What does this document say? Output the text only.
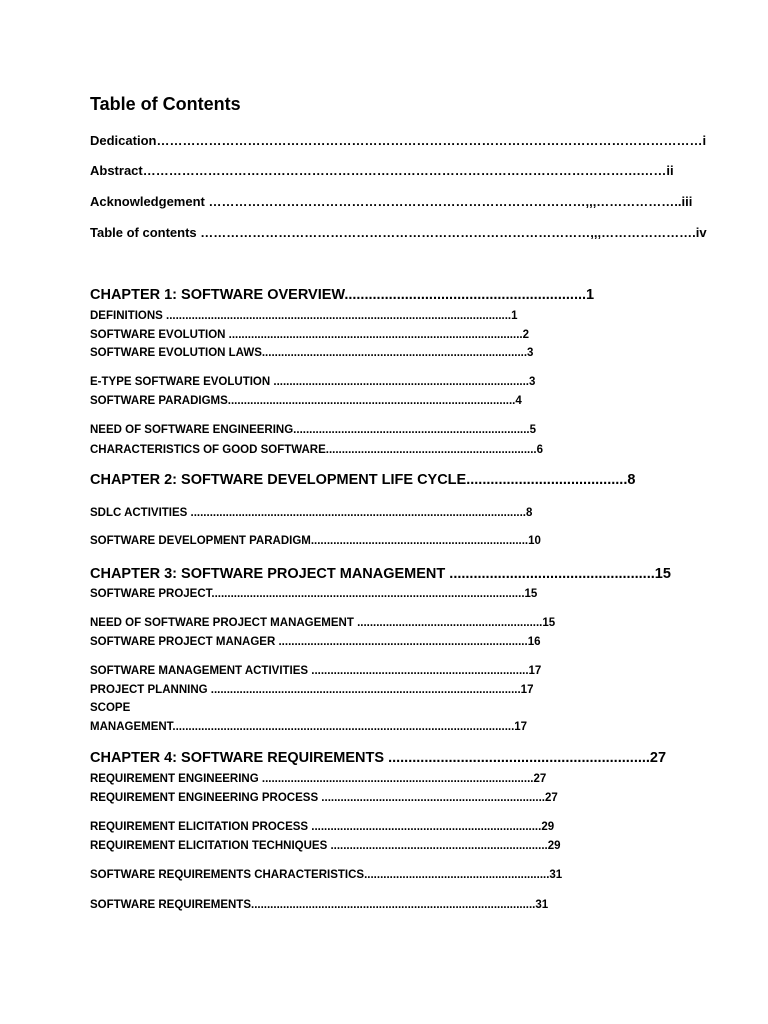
Table of Contents
Dedication………………………………………………………………………………………………………………i
Abstract…………………………………………………………………………………………………….……ii
Acknowledgement ……………………………………………………………………………,,,………………..iii
Table of contents ………………………………………………………………………………,,,………………….iv
CHAPTER 1: SOFTWARE OVERVIEW............................................................1
DEFINITIONS ............................................................................................................1
SOFTWARE EVOLUTION ............................................................................................2
SOFTWARE EVOLUTION LAWS...................................................................................3
E-TYPE SOFTWARE EVOLUTION ................................................................................3
SOFTWARE PARADIGMS..........................................................................................4
NEED OF SOFTWARE ENGINEERING..........................................................................5
CHARACTERISTICS OF GOOD SOFTWARE..................................................................6
CHAPTER 2: SOFTWARE DEVELOPMENT LIFE CYCLE........................................8
SDLC ACTIVITIES .........................................................................................................8
SOFTWARE DEVELOPMENT PARADIGM....................................................................10
CHAPTER 3: SOFTWARE PROJECT MANAGEMENT ...................................................15
SOFTWARE PROJECT..................................................................................................15
NEED OF SOFTWARE PROJECT MANAGEMENT ..........................................................15
SOFTWARE PROJECT MANAGER ..............................................................................16
SOFTWARE MANAGEMENT ACTIVITIES ....................................................................17
PROJECT PLANNING .................................................................................................17
SCOPE
MANAGEMENT...........................................................................................................17
CHAPTER 4: SOFTWARE REQUIREMENTS .................................................................27
REQUIREMENT ENGINEERING .....................................................................................27
REQUIREMENT ENGINEERING PROCESS ......................................................................27
REQUIREMENT ELICITATION PROCESS ........................................................................29
REQUIREMENT ELICITATION TECHNIQUES ....................................................................29
SOFTWARE REQUIREMENTS CHARACTERISTICS..........................................................31
SOFTWARE REQUIREMENTS.........................................................................................31
